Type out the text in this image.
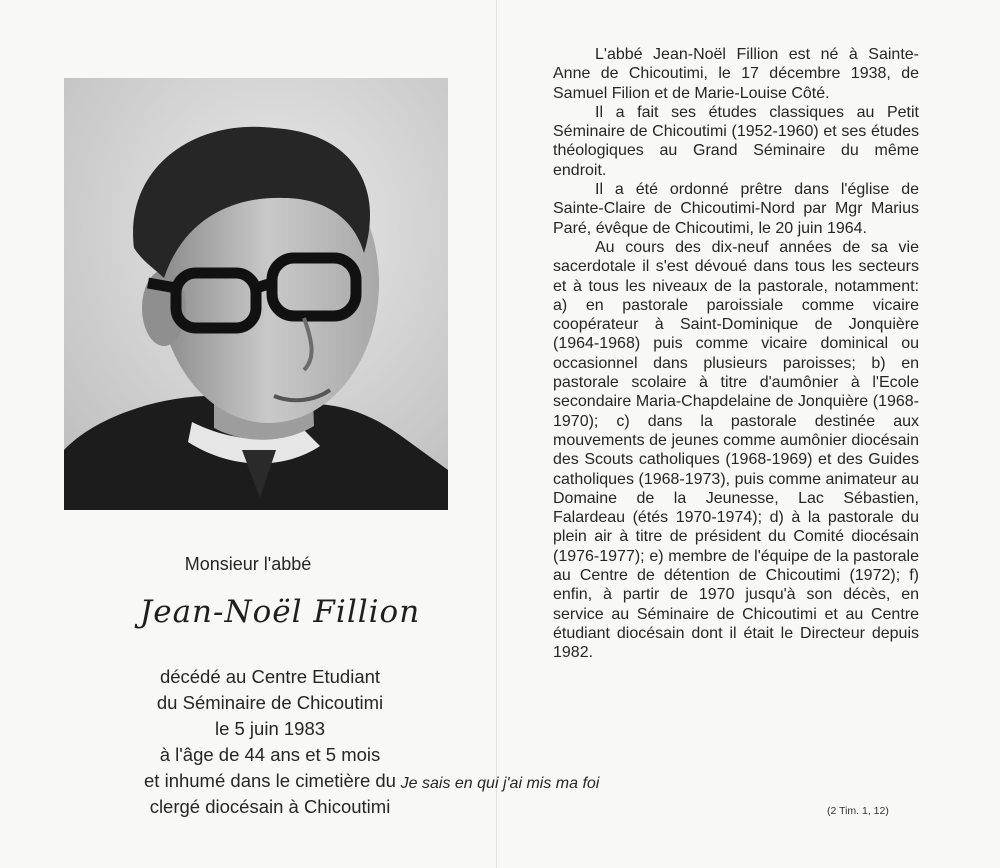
Monsieur l'abbé
Jean-Noël Fillion
décédé au Centre Etudiant
du Séminaire de Chicoutimi
le 5 juin 1983
à l'âge de 44 ans et 5 mois
et inhumé dans le cimetière du
clergé diocésain à Chicoutimi

L'abbé Jean-Noël Fillion est né à Sainte-Anne de Chicoutimi, le 17 décembre 1938, de Samuel Filion et de Marie-Louise Côté.

Il a fait ses études classiques au Petit Séminaire de Chicoutimi (1952-1960) et ses études théologiques au Grand Séminaire du même endroit.

Il a été ordonné prêtre dans l'église de Sainte-Claire de Chicoutimi-Nord par Mgr Marius Paré, évêque de Chicoutimi, le 20 juin 1964.

Au cours des dix-neuf années de sa vie sacerdotale il s'est dévoué dans tous les secteurs et à tous les niveaux de la pastorale, notamment: a) en pastorale paroissiale comme vicaire coopérateur à Saint-Dominique de Jonquière (1964-1968) puis comme vicaire dominical ou occasionnel dans plusieurs paroisses; b) en pastorale scolaire à titre d'aumônier à l'Ecole secondaire Maria-Chapdelaine de Jonquière (1968-1970); c) dans la pastorale destinée aux mouvements de jeunes comme aumônier diocésain des Scouts catholiques (1968-1969) et des Guides catholiques (1968-1973), puis comme animateur au Domaine de la Jeunesse, Lac Sébastien, Falardeau (étés 1970-1974); d) à la pastorale du plein air à titre de président du Comité diocésain (1976-1977); e) membre de l'équipe de la pastorale au Centre de détention de Chicoutimi (1972); f) enfin, à partir de 1970 jusqu'à son décès, en service au Séminaire de Chicoutimi et au Centre étudiant diocésain dont il était le Directeur depuis 1982.

Je sais en qui j'ai mis ma foi
(2 Tim. 1, 12)
